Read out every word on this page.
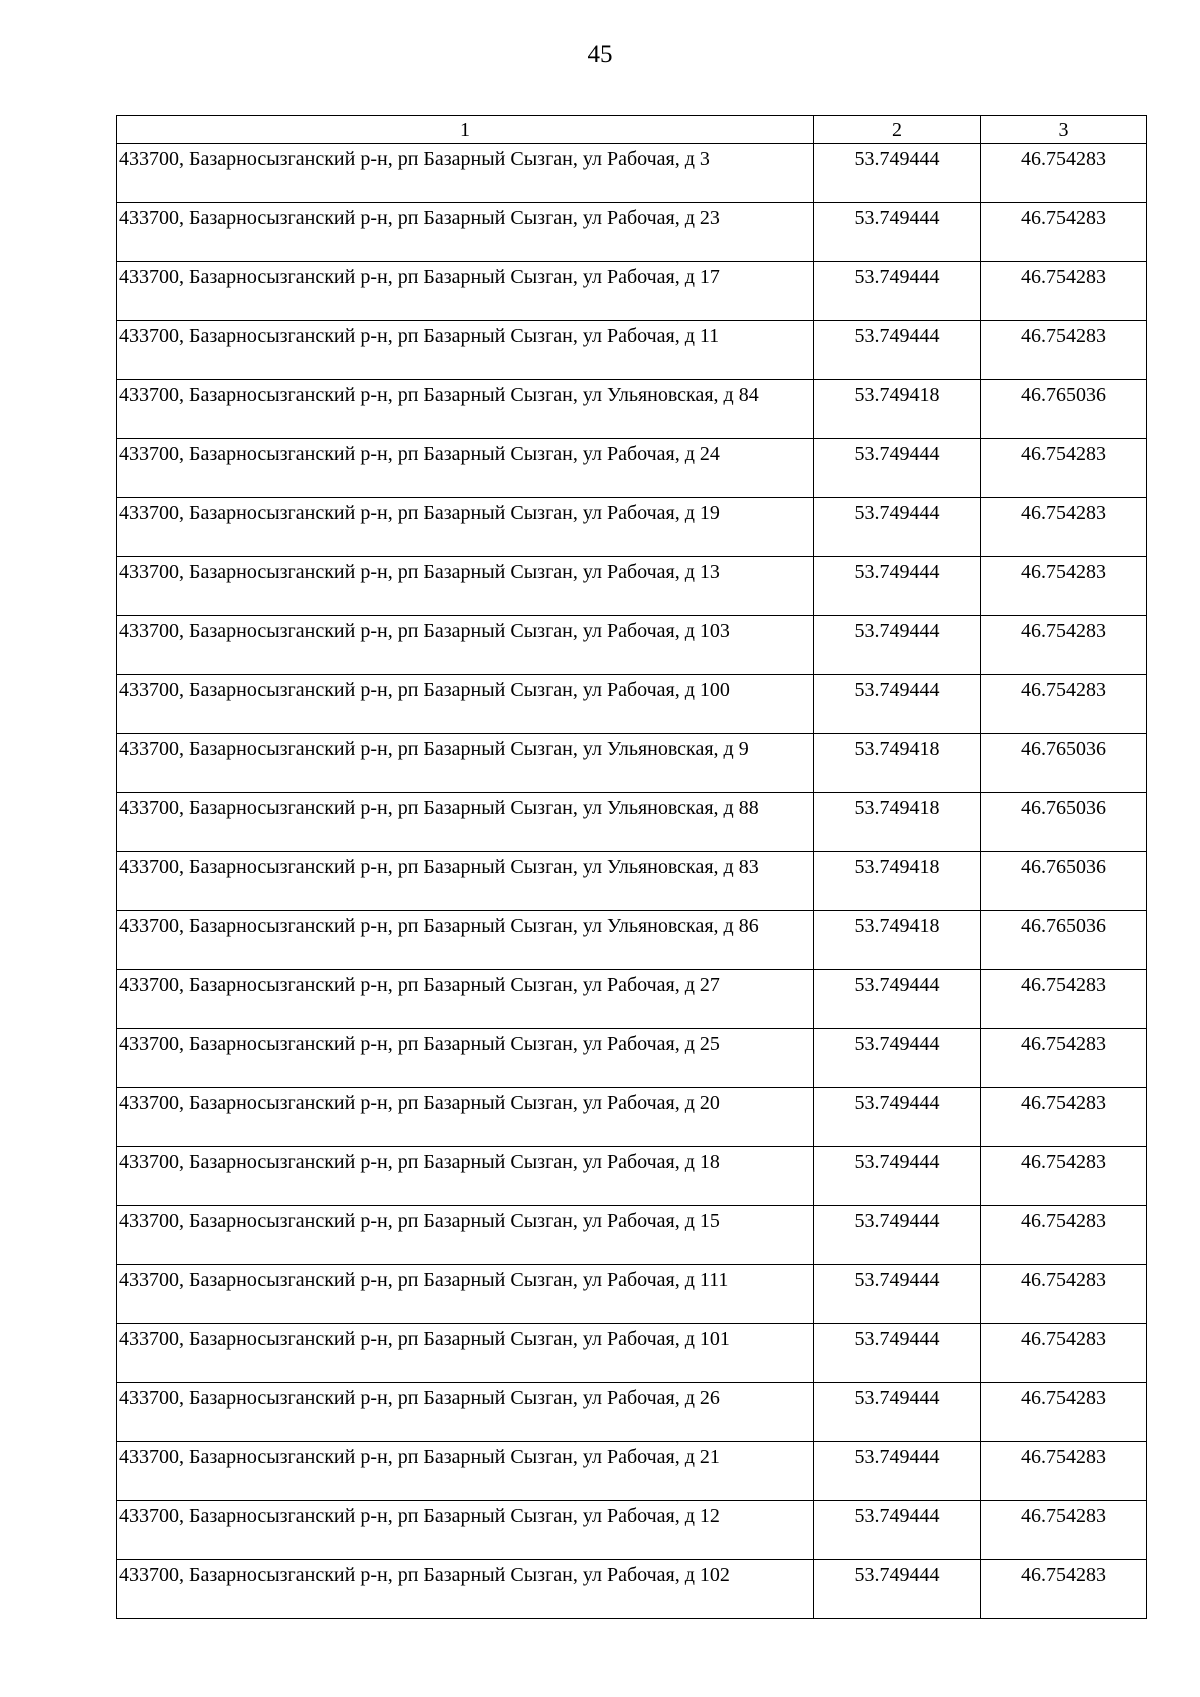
45
1	2	3
433700, Базарносызганский р-н, рп Базарный Сызган, ул Рабочая, д 3	53.749444	46.754283
433700, Базарносызганский р-н, рп Базарный Сызган, ул Рабочая, д 23	53.749444	46.754283
433700, Базарносызганский р-н, рп Базарный Сызган, ул Рабочая, д 17	53.749444	46.754283
433700, Базарносызганский р-н, рп Базарный Сызган, ул Рабочая, д 11	53.749444	46.754283
433700, Базарносызганский р-н, рп Базарный Сызган, ул Ульяновская, д 84	53.749418	46.765036
433700, Базарносызганский р-н, рп Базарный Сызган, ул Рабочая, д 24	53.749444	46.754283
433700, Базарносызганский р-н, рп Базарный Сызган, ул Рабочая, д 19	53.749444	46.754283
433700, Базарносызганский р-н, рп Базарный Сызган, ул Рабочая, д 13	53.749444	46.754283
433700, Базарносызганский р-н, рп Базарный Сызган, ул Рабочая, д 103	53.749444	46.754283
433700, Базарносызганский р-н, рп Базарный Сызган, ул Рабочая, д 100	53.749444	46.754283
433700, Базарносызганский р-н, рп Базарный Сызган, ул Ульяновская, д 9	53.749418	46.765036
433700, Базарносызганский р-н, рп Базарный Сызган, ул Ульяновская, д 88	53.749418	46.765036
433700, Базарносызганский р-н, рп Базарный Сызган, ул Ульяновская, д 83	53.749418	46.765036
433700, Базарносызганский р-н, рп Базарный Сызган, ул Ульяновская, д 86	53.749418	46.765036
433700, Базарносызганский р-н, рп Базарный Сызган, ул Рабочая, д 27	53.749444	46.754283
433700, Базарносызганский р-н, рп Базарный Сызган, ул Рабочая, д 25	53.749444	46.754283
433700, Базарносызганский р-н, рп Базарный Сызган, ул Рабочая, д 20	53.749444	46.754283
433700, Базарносызганский р-н, рп Базарный Сызган, ул Рабочая, д 18	53.749444	46.754283
433700, Базарносызганский р-н, рп Базарный Сызган, ул Рабочая, д 15	53.749444	46.754283
433700, Базарносызганский р-н, рп Базарный Сызган, ул Рабочая, д 111	53.749444	46.754283
433700, Базарносызганский р-н, рп Базарный Сызган, ул Рабочая, д 101	53.749444	46.754283
433700, Базарносызганский р-н, рп Базарный Сызган, ул Рабочая, д 26	53.749444	46.754283
433700, Базарносызганский р-н, рп Базарный Сызган, ул Рабочая, д 21	53.749444	46.754283
433700, Базарносызганский р-н, рп Базарный Сызган, ул Рабочая, д 12	53.749444	46.754283
433700, Базарносызганский р-н, рп Базарный Сызган, ул Рабочая, д 102	53.749444	46.754283
